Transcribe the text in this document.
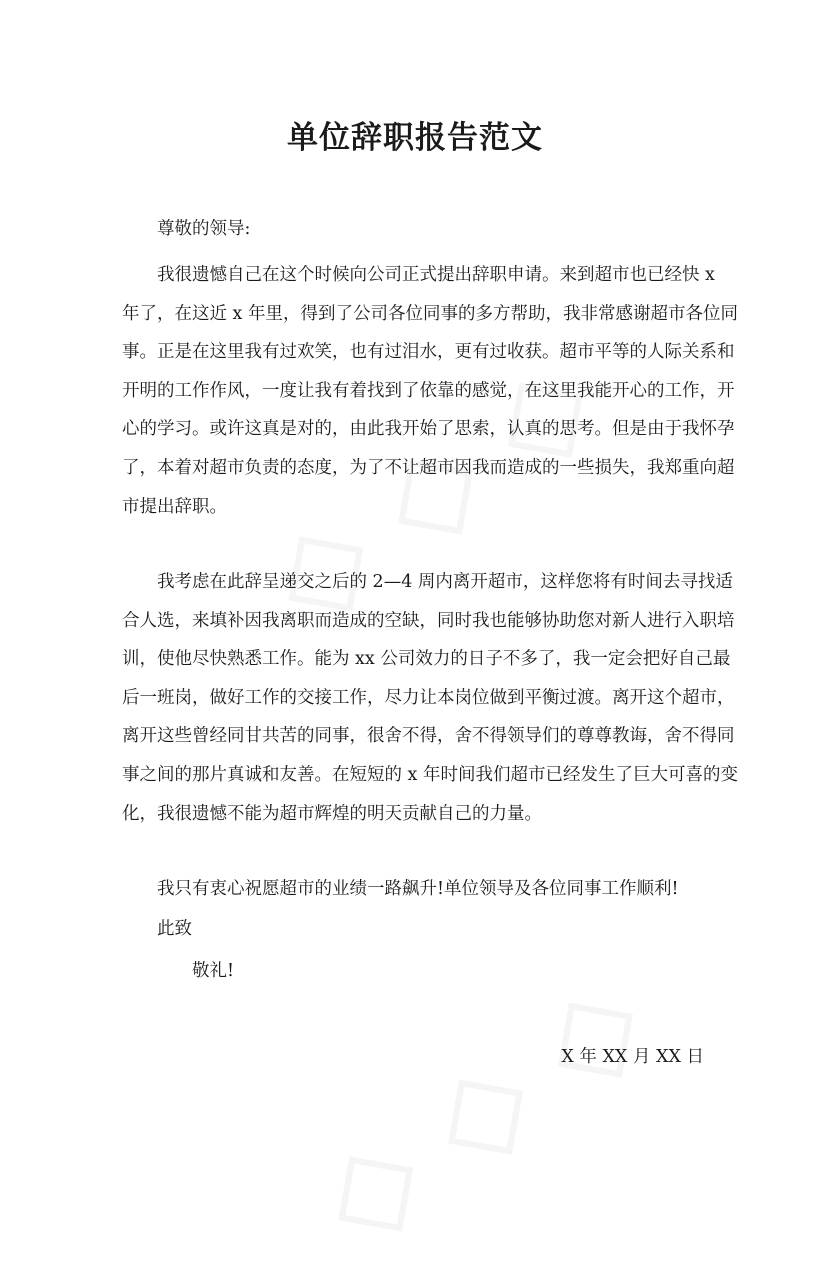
单位辞职报告范文
尊敬的领导:
我很遗憾自己在这个时候向公司正式提出辞职申请。来到超市也已经快 x
年了，在这近 x 年里，得到了公司各位同事的多方帮助，我非常感谢超市各位同
事。正是在这里我有过欢笑，也有过泪水，更有过收获。超市平等的人际关系和
开明的工作作风，一度让我有着找到了依靠的感觉，在这里我能开心的工作，开
心的学习。或许这真是对的，由此我开始了思索，认真的思考。但是由于我怀孕
了，本着对超市负责的态度，为了不让超市因我而造成的一些损失，我郑重向超
市提出辞职。
我考虑在此辞呈递交之后的 2—4 周内离开超市，这样您将有时间去寻找适
合人选，来填补因我离职而造成的空缺，同时我也能够协助您对新人进行入职培
训，使他尽快熟悉工作。能为 xx 公司效力的日子不多了，我一定会把好自己最
后一班岗，做好工作的交接工作，尽力让本岗位做到平衡过渡。离开这个超市，
离开这些曾经同甘共苦的同事，很舍不得，舍不得领导们的尊尊教诲，舍不得同
事之间的那片真诚和友善。在短短的 x 年时间我们超市已经发生了巨大可喜的变
化，我很遗憾不能为超市辉煌的明天贡献自己的力量。
我只有衷心祝愿超市的业绩一路飙升!单位领导及各位同事工作顺利!
此致
敬礼!
X 年 XX 月 XX 日
